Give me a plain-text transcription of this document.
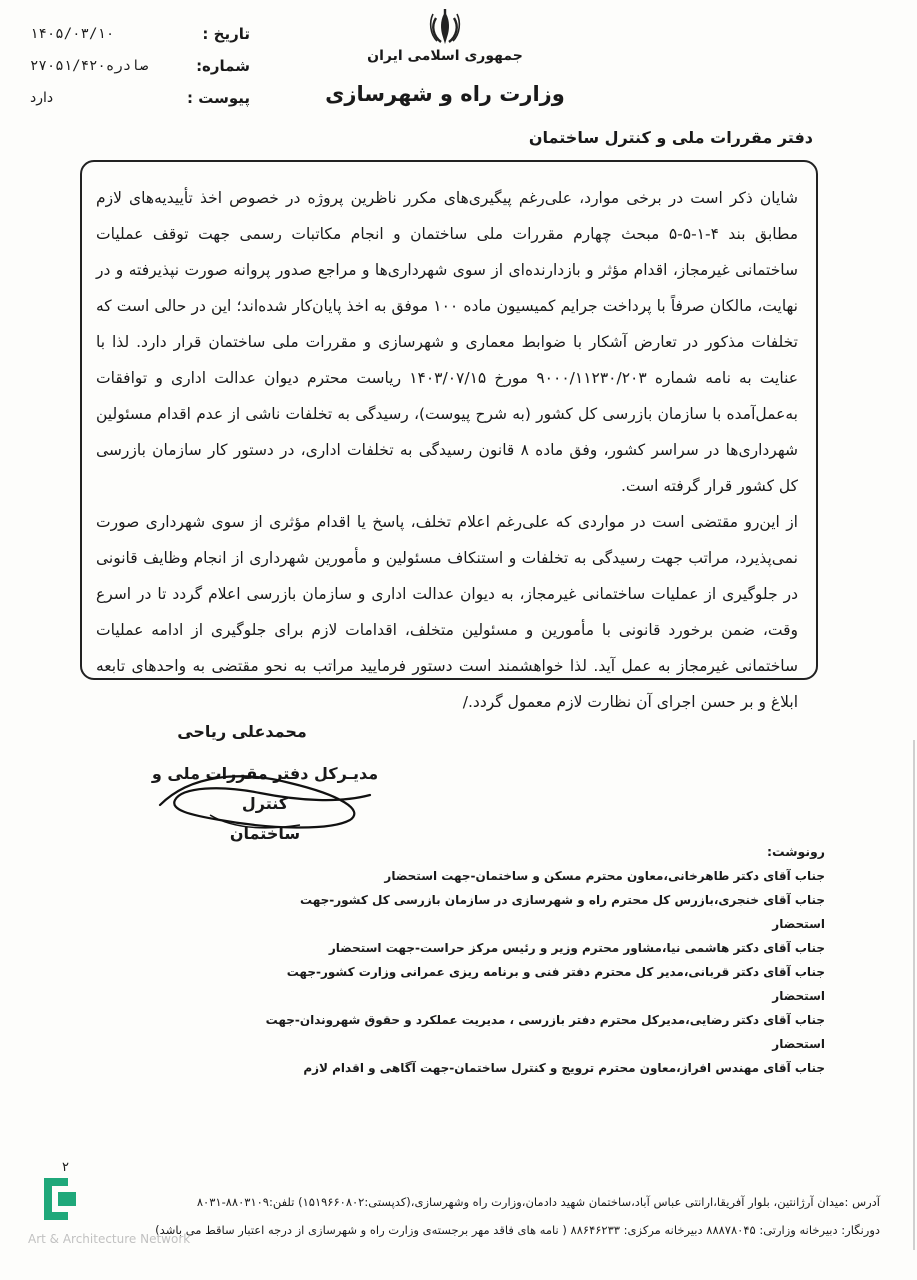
تاریخ :
۱۴۰۵/۰۳/۱۰
شماره:
۲۷۰۵۱/۴۲۰صادره
پیوست :
دارد
جمهوری اسلامی ایران
وزارت راه و شهرسازی
دفتر مقررات ملی و کنترل ساختمان

شایان ذکر است در برخی موارد، علی‌رغم پیگیری‌های مکرر ناظرین پروژه در خصوص اخذ تأییدیه‌های لازم مطابق بند ۴-۱-۵-۵ مبحث چهارم مقررات ملی ساختمان و انجام مکاتبات رسمی جهت توقف عملیات ساختمانی غیرمجاز، اقدام مؤثر و بازدارنده‌ای از سوی شهرداری‌ها و مراجع صدور پروانه صورت نپذیرفته و در نهایت، مالکان صرفاً با پرداخت جرایم کمیسیون ماده ۱۰۰ موفق به اخذ پایان‌کار شده‌اند؛ این در حالی است که تخلفات مذکور در تعارض آشکار با ضوابط معماری و شهرسازی و مقررات ملی ساختمان قرار دارد. لذا با عنایت به نامه شماره ۹۰۰۰/۱۱۲۳۰/۲۰۳ مورخ ۱۴۰۳/۰۷/۱۵ ریاست محترم دیوان عدالت اداری و توافقات به‌عمل‌آمده با سازمان بازرسی کل کشور (به شرح پیوست)، رسیدگی به تخلفات ناشی از عدم اقدام مسئولین شهرداری‌ها در سراسر کشور، وفق ماده ۸ قانون رسیدگی به تخلفات اداری، در دستور کار سازمان بازرسی کل کشور قرار گرفته است.

از این‌رو مقتضی است در مواردی که علی‌رغم اعلام تخلف، پاسخ یا اقدام مؤثری از سوی شهرداری صورت نمی‌پذیرد، مراتب جهت رسیدگی به تخلفات و استنکاف مسئولین و مأمورین شهرداری از انجام وظایف قانونی در جلوگیری از عملیات ساختمانی غیرمجاز، به دیوان عدالت اداری و سازمان بازرسی اعلام گردد تا در اسرع وقت، ضمن برخورد قانونی با مأمورین و مسئولین متخلف، اقدامات لازم برای جلوگیری از ادامه عملیات ساختمانی غیرمجاز به عمل آید. لذا خواهشمند است دستور فرمایید مراتب به نحو مقتضی به واحدهای تابعه ابلاغ و بر حسن اجرای آن نظارت لازم معمول گردد./

محمدعلی ریاحی
مدیـرکل دفتر مقررات ملی و کنترل
ساختمان
رونوشت:
جناب آقای دکتر طاهرخانی،معاون محترم مسکن و ساختمان-جهت استحضار
جناب آقای خنجری،بازرس کل محترم راه و شهرسازی در سازمان بازرسی کل کشور-جهت استحضار
جناب آقای دکتر هاشمی نیا،مشاور محترم وزیر و رئیس مرکز حراست-جهت استحضار
جناب آقای دکتر قربانی،مدیر کل محترم دفتر فنی و برنامه ریزی عمرانی وزارت کشور-جهت استحضار
جناب آقای دکتر رضایی،مدیرکل محترم دفتر بازرسی ، مدیریت عملکرد و حقوق شهروندان-جهت استحضار
جناب آقای مهندس افراز،معاون محترم ترویج و کنترل ساختمان-جهت آگاهی و اقدام لازم
۲
آدرس :میدان آرژانتین، بلوار آفریقا،ارانتی عباس آباد،ساختمان شهید دادمان،وزارت راه وشهرسازی،(کدپستی:۱۵۱۹۶۶۰۸۰۲) تلفن:۸۸۰۳۱۰۹-۸۰۳۱
دورنگار: دبیرخانه وزارتی: ۸۸۸۷۸۰۴۵ دبیرخانه مرکزی: ۸۸۶۴۶۲۳۳ ( نامه های فاقد مهر برجسته‌ی وزارت راه و شهرسازی از درجه اعتبار ساقط می باشد)
Art & Architecture Network
